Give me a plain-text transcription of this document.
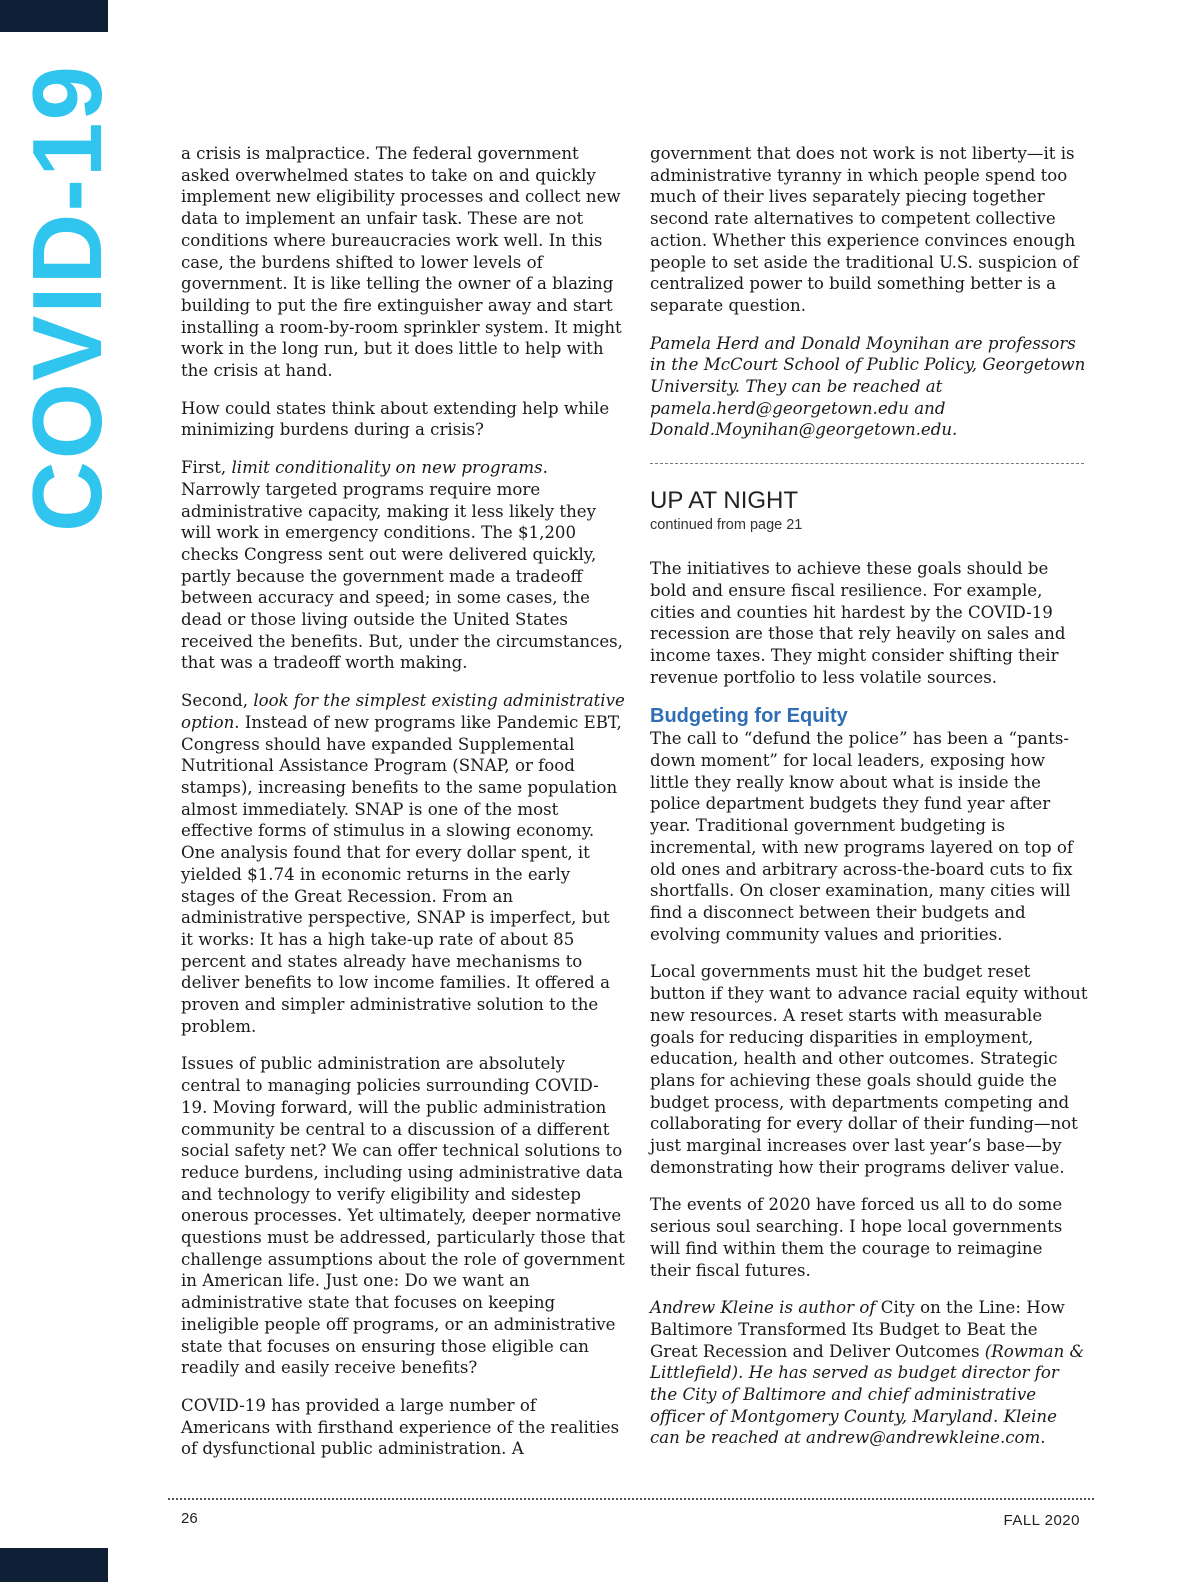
COVID-19	a crisis is malpractice. The federal government asked overwhelmed states to take on and quickly implement new eligibility processes and collect new data to implement an unfair task. These are not conditions where bureaucracies work well. In this case, the burdens shifted to lower levels of government. It is like telling the owner of a blazing building to put the fire extinguisher away and start installing a room-by-room sprinkler system. It might work in the long run, but it does little to help with the crisis at hand.

How could states think about extending help while minimizing burdens during a crisis?

First, limit conditionality on new programs. Narrowly targeted programs require more administrative capacity, making it less likely they will work in emergency conditions. The $1,200 checks Congress sent out were delivered quickly, partly because the government made a tradeoff between accuracy and speed; in some cases, the dead or those living outside the United States received the benefits. But, under the circumstances, that was a tradeoff worth making.

Second, look for the simplest existing administrative option. Instead of new programs like Pandemic EBT, Congress should have expanded Supplemental Nutritional Assistance Program (SNAP, or food stamps), increasing benefits to the same population almost immediately. SNAP is one of the most effective forms of stimulus in a slowing economy. One analysis found that for every dollar spent, it yielded $1.74 in economic returns in the early stages of the Great Recession. From an administrative perspective, SNAP is imperfect, but it works: It has a high take-up rate of about 85 percent and states already have mechanisms to deliver benefits to low income families. It offered a proven and simpler administrative solution to the problem.

Issues of public administration are absolutely central to managing policies surrounding COVID-19. Moving forward, will the public administration community be central to a discussion of a different social safety net? We can offer technical solutions to reduce burdens, including using administrative data and technology to verify eligibility and sidestep onerous processes. Yet ultimately, deeper normative questions must be addressed, particularly those that challenge assumptions about the role of government in American life. Just one: Do we want an administrative state that focuses on keeping ineligible people off programs, or an administrative state that focuses on ensuring those eligible can readily and easily receive benefits?

COVID-19 has provided a large number of Americans with firsthand experience of the realities of dysfunctional public administration. A

government that does not work is not liberty—it is administrative tyranny in which people spend too much of their lives separately piecing together second rate alternatives to competent collective action. Whether this experience convinces enough people to set aside the traditional U.S. suspicion of centralized power to build something better is a separate question.

Pamela Herd and Donald Moynihan are professors in the McCourt School of Public Policy, Georgetown University. They can be reached at pamela.herd@georgetown.edu and Donald.Moynihan@georgetown.edu.

UP AT NIGHT
continued from page 21

The initiatives to achieve these goals should be bold and ensure fiscal resilience. For example, cities and counties hit hardest by the COVID-19 recession are those that rely heavily on sales and income taxes. They might consider shifting their revenue portfolio to less volatile sources.

Budgeting for Equity

The call to “defund the police” has been a “pants-down moment” for local leaders, exposing how little they really know about what is inside the police department budgets they fund year after year. Traditional government budgeting is incremental, with new programs layered on top of old ones and arbitrary across-the-board cuts to fix shortfalls. On closer examination, many cities will find a disconnect between their budgets and evolving community values and priorities.

Local governments must hit the budget reset button if they want to advance racial equity without new resources. A reset starts with measurable goals for reducing disparities in employment, education, health and other outcomes. Strategic plans for achieving these goals should guide the budget process, with departments competing and collaborating for every dollar of their funding—not just marginal increases over last year’s base—by demonstrating how their programs deliver value.

The events of 2020 have forced us all to do some serious soul searching. I hope local governments will find within them the courage to reimagine their fiscal futures.

Andrew Kleine is author of City on the Line: How Baltimore Transformed Its Budget to Beat the Great Recession and Deliver Outcomes (Rowman & Littlefield). He has served as budget director for the City of Baltimore and chief administrative officer of Montgomery County, Maryland. Kleine can be reached at andrew@andrewkleine.com.

26	FALL 2020
